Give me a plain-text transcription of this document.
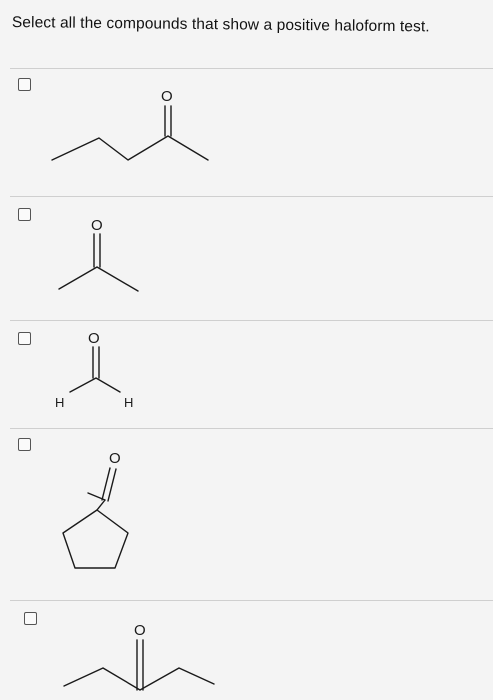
Select all the compounds that show a positive haloform test.
O
O
O
H	H
O
O
